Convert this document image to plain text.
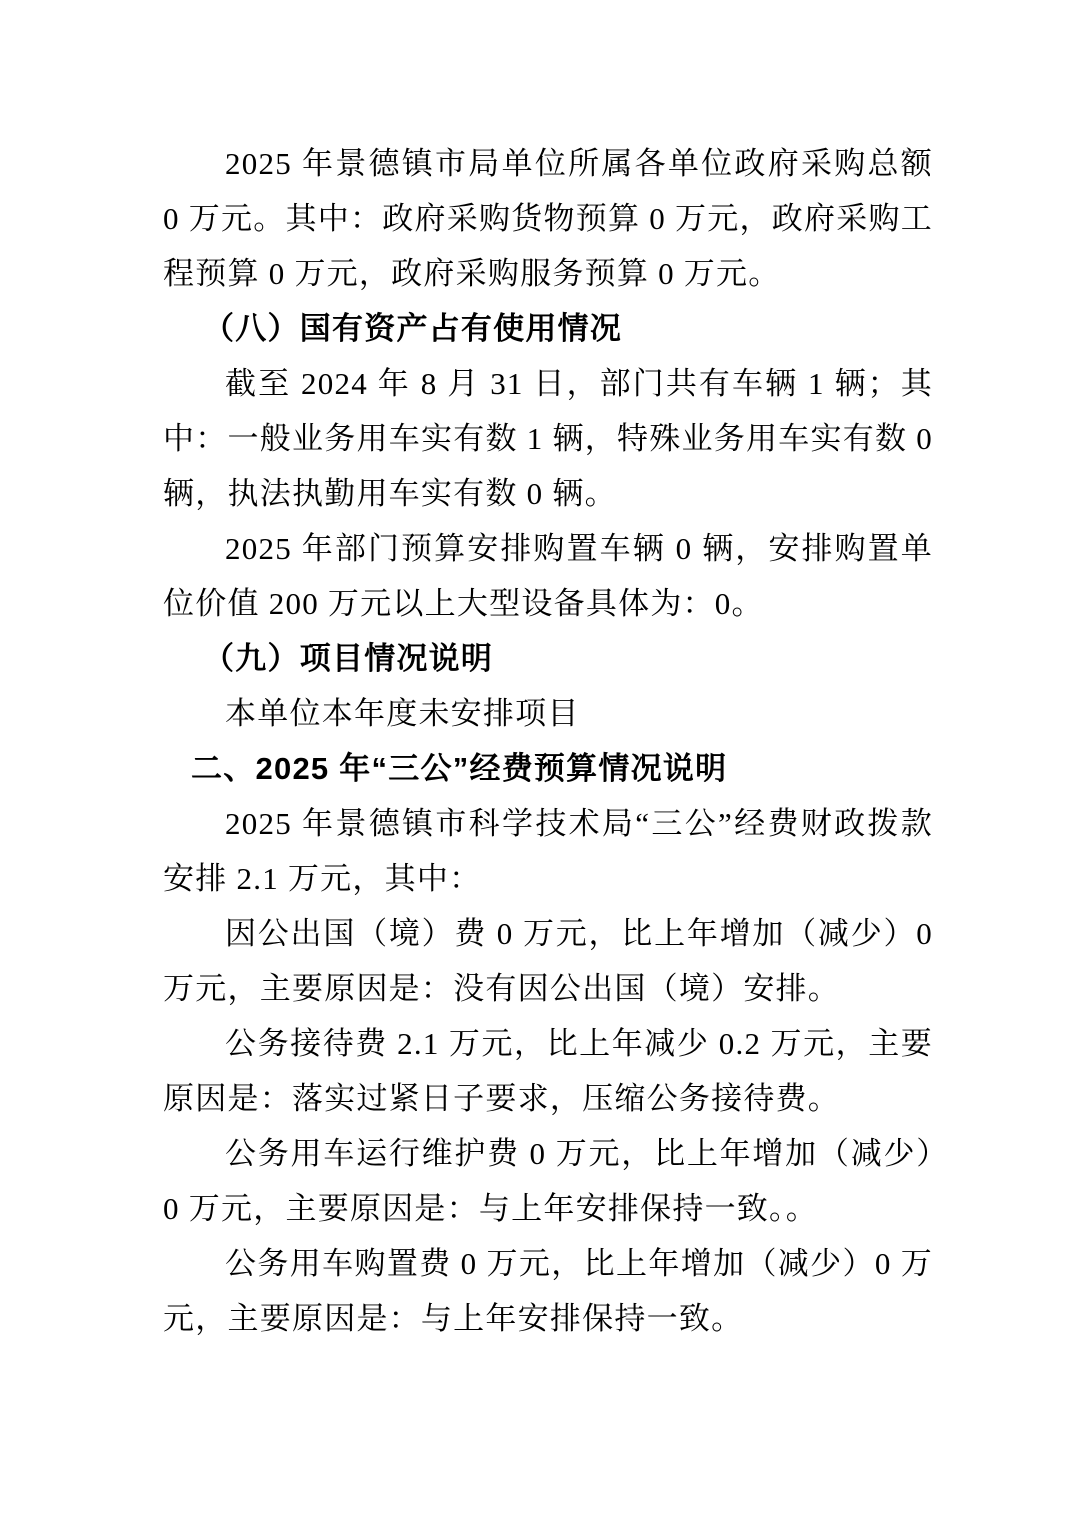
2025 年景德镇市局单位所属各单位政府采购总额 0 万元。其中：政府采购货物预算 0 万元，政府采购工程预算 0 万元，政府采购服务预算 0 万元。

（八）国有资产占有使用情况

截至 2024 年 8 月 31 日，部门共有车辆 1 辆；其中：一般业务用车实有数 1 辆，特殊业务用车实有数 0 辆，执法执勤用车实有数 0 辆。

2025 年部门预算安排购置车辆 0 辆，安排购置单位价值 200 万元以上大型设备具体为：0。

（九）项目情况说明

本单位本年度未安排项目

二、2025 年“三公”经费预算情况说明

2025 年景德镇市科学技术局“三公”经费财政拨款安排 2.1 万元，其中：

因公出国（境）费 0 万元，比上年增加（减少）0 万元，主要原因是：没有因公出国（境）安排。

公务接待费 2.1 万元，比上年减少 0.2 万元，主要原因是：落实过紧日子要求，压缩公务接待费。

公务用车运行维护费 0 万元，比上年增加（减少）0 万元，主要原因是：与上年安排保持一致。。

公务用车购置费 0 万元，比上年增加（减少）0 万元，主要原因是：与上年安排保持一致。
